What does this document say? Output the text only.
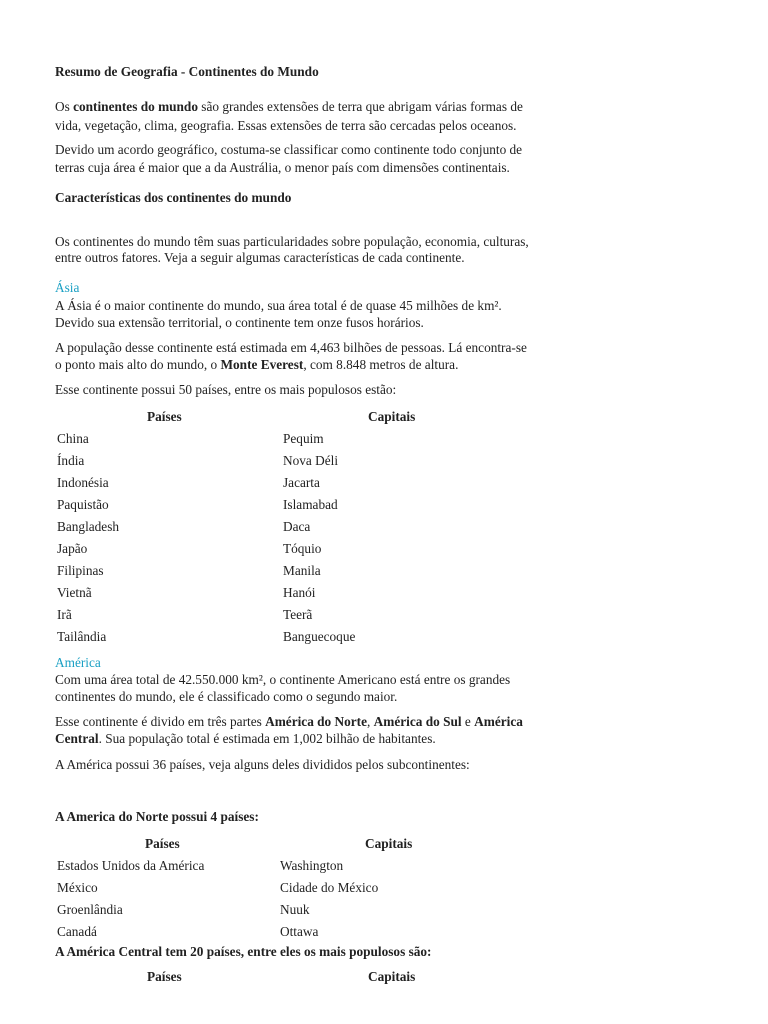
Resumo de Geografia - Continentes do Mundo

Os continentes do mundo são grandes extensões de terra que abrigam várias formas de

vida, vegetação, clima, geografia. Essas extensões de terra são cercadas pelos oceanos.

Devido um acordo geográfico, costuma-se classificar como continente todo conjunto de

terras cuja área é maior que a da Austrália, o menor país com dimensões continentais.

Características dos continentes do mundo

Os continentes do mundo têm suas particularidades sobre população, economia, culturas,

entre outros fatores. Veja a seguir algumas características de cada continente.

Ásia

A Ásia é o maior continente do mundo, sua área total é de quase 45 milhões de km².

Devido sua extensão territorial, o continente tem onze fusos horários.

A população desse continente está estimada em 4,463 bilhões de pessoas. Lá encontra-se

o ponto mais alto do mundo, o Monte Everest, com 8.848 metros de altura.

Esse continente possui 50 países, entre os mais populosos estão:

Países	Capitais
China	Pequim
Índia	Nova Déli
Indonésia	Jacarta
Paquistão	Islamabad
Bangladesh	Daca
Japão	Tóquio
Filipinas	Manila
Vietnã	Hanói
Irã	Teerã
Tailândia	Banguecoque

América

Com uma área total de 42.550.000 km², o continente Americano está entre os grandes

continentes do mundo, ele é classificado como o segundo maior.

Esse continente é divido em três partes América do Norte, América do Sul e América

Central. Sua população total é estimada em 1,002 bilhão de habitantes.

A América possui 36 países, veja alguns deles divididos pelos subcontinentes:

A America do Norte possui 4 países:

Países	Capitais
Estados Unidos da América	Washington
México	Cidade do México
Groenlândia	Nuuk
Canadá	Ottawa

A América Central tem 20 países, entre eles os mais populosos são:

Países	Capitais
